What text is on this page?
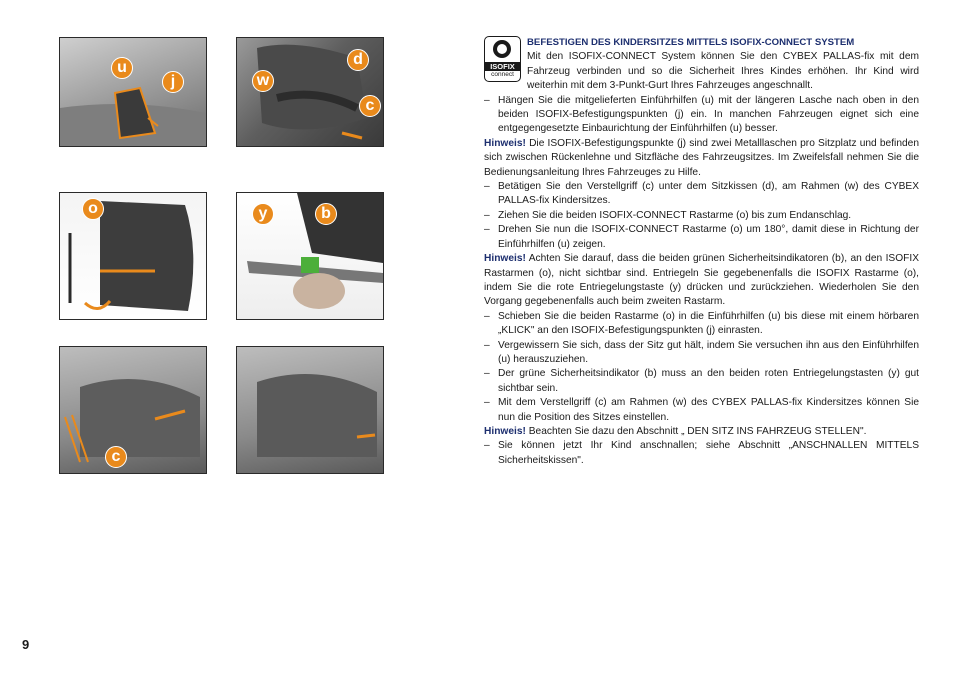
u
j
d
w
c
o	y	b
c
ISOFIX
connect
BEFESTIGEN DES KINDERSITZES MITTELS ISOFIX-CONNECT SYSTEM
Mit den ISOFIX-CONNECT System können Sie den CYBEX PALLAS-fix mit dem Fahrzeug verbinden und so die Sicherheit Ihres Kindes erhöhen. Ihr Kind wird weiterhin mit dem 3-Punkt-Gurt Ihres Fahrzeuges angeschnallt.
– Hängen Sie die mitgelieferten Einführhilfen (u) mit der längeren Lasche nach oben in den beiden ISOFIX-Befestigungspunkten (j) ein. In manchen Fahrzeugen eignet sich eine entgegengesetzte Einbaurichtung der Einführhilfen (u) besser.
Hinweis! Die ISOFIX-Befestigungspunkte (j) sind zwei Metalllaschen pro Sitzplatz und befinden sich zwischen Rückenlehne und Sitzfläche des Fahrzeugsitzes. Im Zweifelsfall nehmen Sie die Bedienungsanleitung Ihres Fahrzeuges zu Hilfe.
– Betätigen Sie den Verstellgriff (c) unter dem Sitzkissen (d), am Rahmen (w) des CYBEX PALLAS-fix Kindersitzes.
– Ziehen Sie die beiden ISOFIX-CONNECT Rastarme (o) bis zum Endanschlag.
– Drehen Sie nun die ISOFIX-CONNECT Rastarme (o) um 180°, damit diese in Richtung der Einführhilfen (u) zeigen.
Hinweis! Achten Sie darauf, dass die beiden grünen Sicherheitsindikatoren (b), an den ISOFIX Rastarmen (o), nicht sichtbar sind. Entriegeln Sie gegebenenfalls die ISOFIX Rastarme (o), indem Sie die rote Entriegelungstaste (y) drücken und zurückziehen. Wiederholen Sie den Vorgang gegebenenfalls auch beim zweiten Rastarm.
– Schieben Sie die beiden Rastarme (o) in die Einführhilfen (u) bis diese mit einem hörbaren „KLICK" an den ISOFIX-Befestigungspunkten (j) einrasten.
– Vergewissern Sie sich, dass der Sitz gut hält, indem Sie versuchen ihn aus den Einführhilfen (u) herauszuziehen.
– Der grüne Sicherheitsindikator (b) muss an den beiden roten Entriegelungstasten (y) gut sichtbar sein.
– Mit dem Verstellgriff (c) am Rahmen (w) des CYBEX PALLAS-fix Kindersitzes können Sie nun die Position des Sitzes einstellen.
Hinweis! Beachten Sie dazu den Abschnitt „ DEN SITZ INS FAHRZEUG STELLEN".
– Sie können jetzt Ihr Kind anschnallen; siehe Abschnitt „ANSCHNALLEN MITTELS Sicherheitskissen".
9
